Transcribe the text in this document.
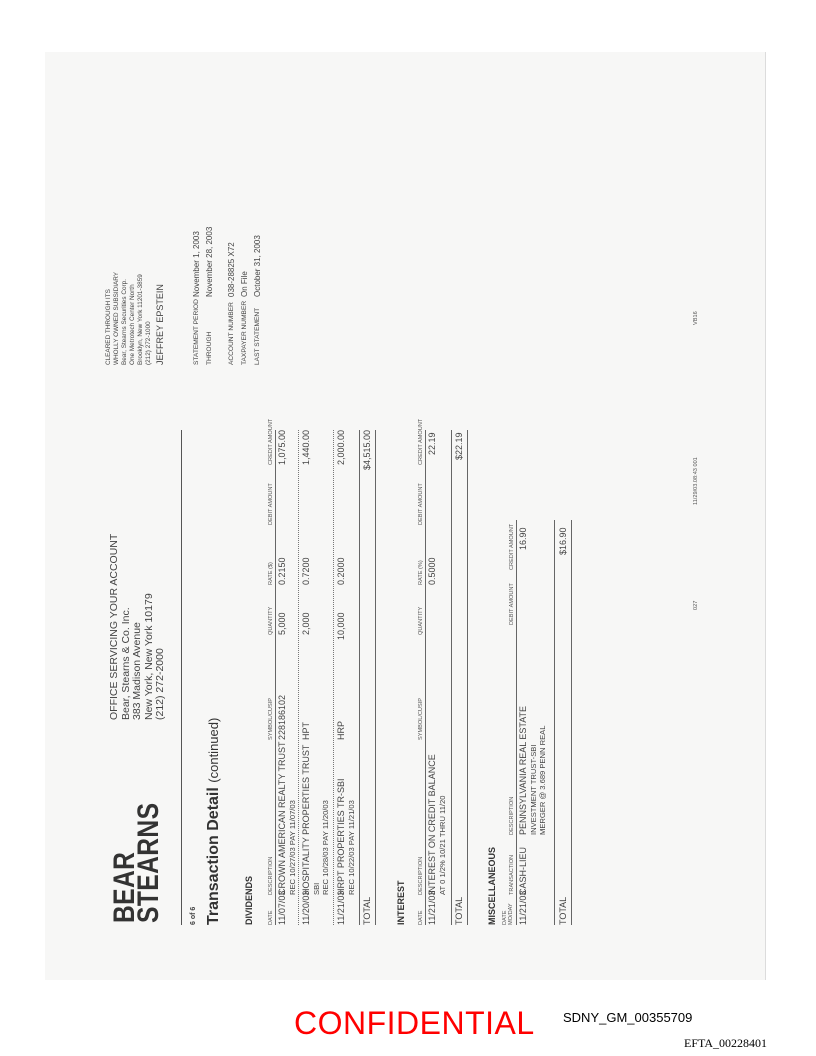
BEAR
STEARNS
OFFICE SERVICING YOUR ACCOUNT Bear, Stearns & Co. Inc. 383 Madison Avenue New York, New York 10179 (212) 272-2000
CLEARED THROUGH ITS WHOLLY OWNED SUBSIDIARY Bear, Stearns Securities Corp. One Metrotech Center North Brooklyn, New York 11201-3859 (212) 272-1000 JEFFREY EPSTEIN	STATEMENT PERIOD
November 1, 2003
THROUGH
November 28, 2003
ACCOUNT NUMBER
038-28825 X72
TAXPAYER NUMBER
On File
LAST STATEMENT
October 31, 2003
6 of 6 Transaction Detail (continued)
DIVIDENDS	DATE
DESCRIPTION
SYMBOL/CUSIP
QUANTITY
RATE ($)
DEBIT AMOUNT
CREDIT AMOUNT
11/07/03
CROWN AMERICAN REALTY TRUST REC 10/27/03 PAY 11/07/03
228186102
5,000
0.2150
1,075.00
11/20/03
HOSPITALITY PROPERTIES TRUST SBI REC 10/28/03 PAY 11/20/03
HPT
2,000
0.7200
1,440.00
11/21/03
HRPT PROPERTIES TR-SBI REC 10/22/03 PAY 11/21/03
HRP
10,000
0.2000
2,000.00
TOTAL
$4,515.00
INTEREST DATE
DESCRIPTION
SYMBOL/CUSIP
QUANTITY
RATE (%)
DEBIT AMOUNT
CREDIT AMOUNT
11/21/03
INTEREST ON CREDIT BALANCE AT 0 1/2% 10/21 THRU 11/20
0.5000
22.19
TOTAL
$22.19
MISCELLANEOUS DATE MO/DAY
TRANSACTION
DESCRIPTION
DEBIT AMOUNT
CREDIT AMOUNT
11/21/03
CASH-LIEU
PENNSYLVANIA REAL ESTATE INVESTMENT TRUST-SBI MERGER @ 3.689 PENN REAL
16.90
TOTAL
$16.90
027
11/29/03.08:43 001
VB16
CONFIDENTIAL SDNY_GM_00355709
EFTA_00228401
